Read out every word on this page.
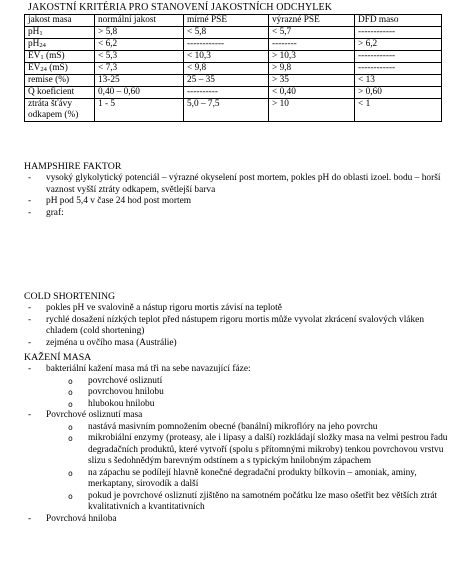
JAKOSTNÍ KRITÉRIA PRO STANOVENÍ JAKOSTNÍCH ODCHYLEK
jakost masa	normální jakost	mírné PSE	výrazné PSE	DFD maso
$pH_1$	> 5,8	< 5,8	< 5,7	------------
$pH_{24}$	< 6,2	------------	--------	> 6,2
$EV_1$ (mS)	< 5,3	< 10,3	> 10,3	------------
$EV_{24}$ (mS)	< 7,3	< 9,8	> 9,8	------------
remise (%)	13-25	25 – 35	> 35	< 13
Q koeficient	0,40 – 0,60	----------	< 0,40	> 0,60
ztráta šťávy odkapem (%)	1 - 5	5,0 – 7,5	> 10	< 1
HAMPSHIRE FAKTOR
- vysoký glykolytický potenciál – výrazné okyselení post mortem, pokles pH do oblasti izoel. bodu – horší vaznost vyšší ztráty odkapem, světlejší barva
- pH pod 5,4 v čase 24 hod post mortem
- graf:
COLD SHORTENING
- pokles pH ve svalovině a nástup rigoru mortis závisí na teplotě
- rychlé dosažení nízkých teplot před nástupem rigoru mortis může vyvolat zkrácení svalových vláken chladem (cold shortening)
- zejména u ovčího masa (Austrálie)
KAŽENÍ MASA
- bakteriální kažení masa má tři na sebe navazující fáze:
o povrchové osliznutí
o povrchovou hnilobu
o hlubokou hnilobu
- Povrchové osliznutí masa
o nastává masivním pomnožením obecné (banální) mikroflóry na jeho povrchu
o mikrobiální enzymy (proteasy, ale i lipasy a další) rozkládají složky masa na velmi pestrou řadu degradačních produktů, které vytvoří (spolu s přítomnými mikroby) tenkou povrchovou vrstvu slizu s šedohnědým barevným odstínem a s typickým hnilobným zápachem
o na zápachu se podílejí hlavně konečné degradační produkty bílkovin – amoniak, aminy, merkaptany, sirovodík a další
o pokud je povrchové osliznutí zjištěno na samotném počátku lze maso ošetřit bez větších ztrát kvalitativních a kvantitativních
- Povrchová hniloba
